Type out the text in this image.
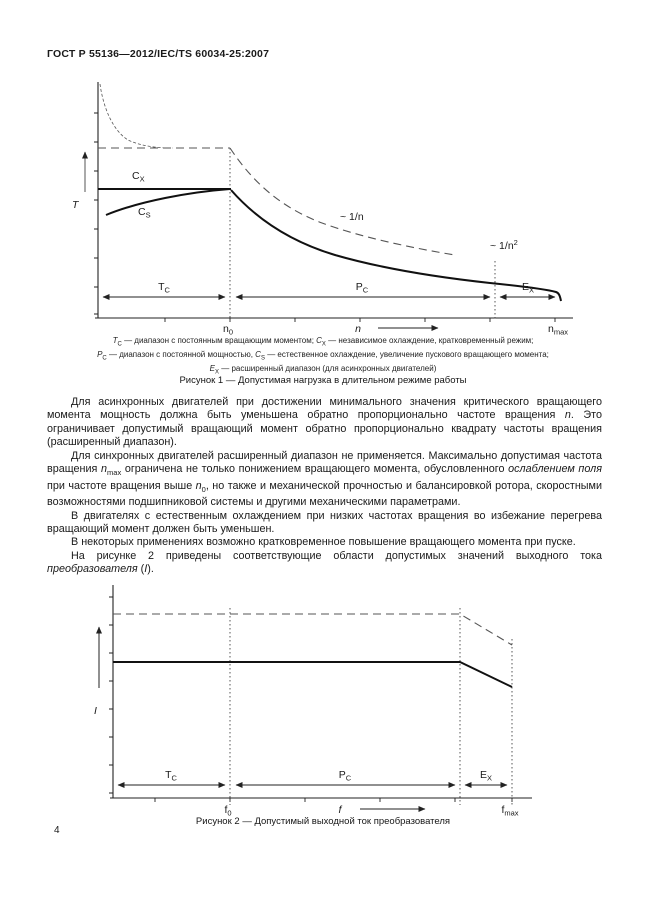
ГОСТ Р 55136—2012/IEC/TS 60034-25:2007
T
$C_X$
$C_S$	~ 1/n
~ $1/n^2$
$T_C$	$P_C$	$E_X$
$n_0$	n	$n_{max}$
$T_C$ — диапазон с постоянным вращающим моментом; $C_X$ — независимое охлаждение, кратковременный режим;
$P_C$ — диапазон с постоянной мощностью, $C_S$ — естественное охлаждение, увеличение пускового вращающего момента;
$E_X$ — расширенный диапазон (для асинхронных двигателей)
Рисунок 1 — Допустимая нагрузка в длительном режиме работы

Для асинхронных двигателей при достижении минимального значения критического вращающего момента мощность должна быть уменьшена обратно пропорционально частоте вращения n. Это ограничивает допустимый вращающий момент обратно пропорционально квадрату частоты вращения (расширенный диапазон).

Для синхронных двигателей расширенный диапазон не применяется. Максимально допустимая частота вращения $n_{max}$ ограничена не только понижением вращающего момента, обусловленного ослаблением поля при частоте вращения выше $n_0$, но также и механической прочностью и балансировкой ротора, скоростными возможностями подшипниковой системы и другими механическими параметрами.

В двигателях с естественным охлаждением при низких частотах вращения во избежание перегрева вращающий момент должен быть уменьшен.

В некоторых применениях возможно кратковременное повышение вращающего момента при пуске.

На рисунке 2 приведены соответствующие области допустимых значений выходного тока преобразователя (I).

I
$T_C$	$P_C$	$E_X$
$f_0$	f	$f_{max}$
Рисунок 2 — Допустимый выходной ток преобразователя
4
